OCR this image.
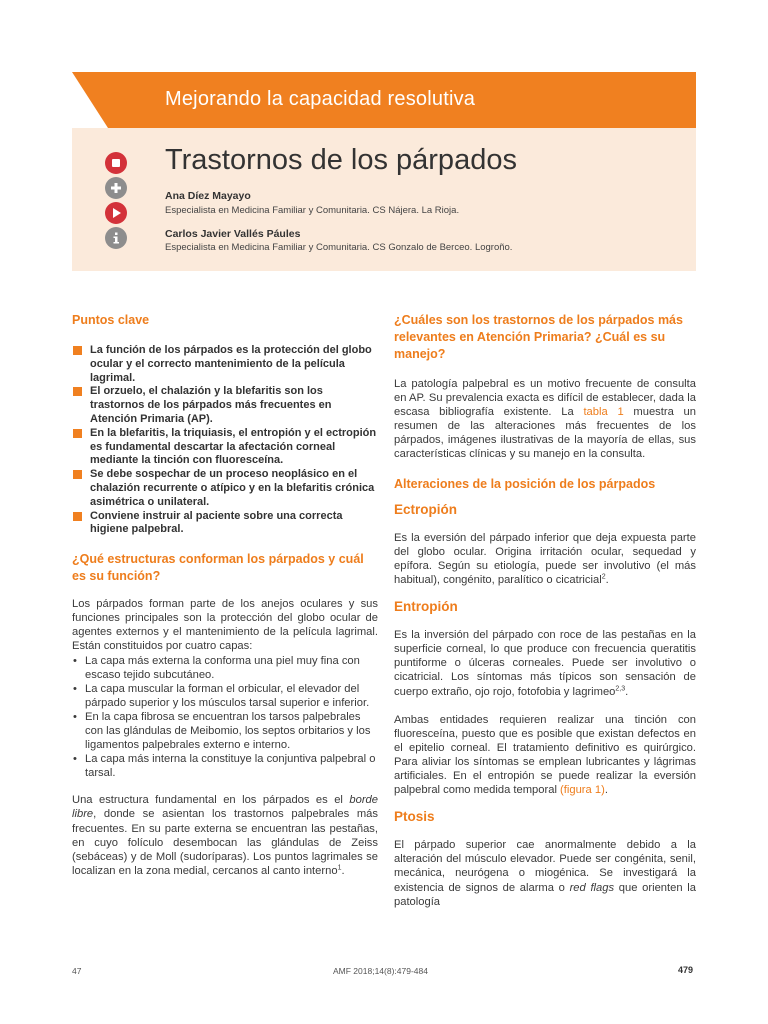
Mejorando la capacidad resolutiva
Trastornos de los párpados
Ana Díez Mayayo
Especialista en Medicina Familiar y Comunitaria. CS Nájera. La Rioja.
Carlos Javier Vallés Páules
Especialista en Medicina Familiar y Comunitaria. CS Gonzalo de Berceo. Logroño.
Puntos clave
La función de los párpados es la protección del globo ocular y el correcto mantenimiento de la película lagrimal.
El orzuelo, el chalazión y la blefaritis son los trastornos de los párpados más frecuentes en Atención Primaria (AP).
En la blefaritis, la triquiasis, el entropión y el ectropión es fundamental descartar la afectación corneal mediante la tinción con fluoresceína.
Se debe sospechar de un proceso neoplásico en el chalazión recurrente o atípico y en la blefaritis crónica asimétrica o unilateral.
Conviene instruir al paciente sobre una correcta higiene palpebral.
¿Qué estructuras conforman los párpados y cuál es su función?

Los párpados forman parte de los anejos oculares y sus funciones principales son la protección del globo ocular de agentes externos y el mantenimiento de la película lagrimal. Están constituidos por cuatro capas:

• La capa más externa la conforma una piel muy fina con escaso tejido subcutáneo.
• La capa muscular la forman el orbicular, el elevador del párpado superior y los músculos tarsal superior e inferior.
• En la capa fibrosa se encuentran los tarsos palpebrales con las glándulas de Meibomio, los septos orbitarios y los ligamentos palpebrales externo e interno.
• La capa más interna la constituye la conjuntiva palpebral o tarsal.

Una estructura fundamental en los párpados es el borde libre, donde se asientan los trastornos palpebrales más frecuentes. En su parte externa se encuentran las pestañas, en cuyo folículo desembocan las glándulas de Zeiss (sebáceas) y de Moll (sudoríparas). Los puntos lagrimales se localizan en la zona medial, cercanos al canto interno$^1$.

¿Cuáles son los trastornos de los párpados más relevantes en Atención Primaria? ¿Cuál es su manejo?

La patología palpebral es un motivo frecuente de consulta en AP. Su prevalencia exacta es difícil de establecer, dada la escasa bibliografía existente. La tabla 1 muestra un resumen de las alteraciones más frecuentes de los párpados, imágenes ilustrativas de la mayoría de ellas, sus características clínicas y su manejo en la consulta.

Alteraciones de la posición de los párpados
Ectropión

Es la eversión del párpado inferior que deja expuesta parte del globo ocular. Origina irritación ocular, sequedad y epífora. Según su etiología, puede ser involutivo (el más habitual), congénito, paralítico o cicatricial$^2$.

Entropión

Es la inversión del párpado con roce de las pestañas en la superficie corneal, lo que produce con frecuencia queratitis puntiforme o úlceras corneales. Puede ser involutivo o cicatricial. Los síntomas más típicos son sensación de cuerpo extraño, ojo rojo, fotofobia y lagrimeo$^{2,3}$.

Ambas entidades requieren realizar una tinción con fluoresceína, puesto que es posible que existan defectos en el epitelio corneal. El tratamiento definitivo es quirúrgico. Para aliviar los síntomas se emplean lubricantes y lágrimas artificiales. En el entropión se puede realizar la eversión palpebral como medida temporal (figura 1).

Ptosis

El párpado superior cae anormalmente debido a la alteración del músculo elevador. Puede ser congénita, senil, mecánica, neurógena o miogénica. Se investigará la existencia de signos de alarma o red flags que orienten la patología

47	AMF 2018;14(8):479-484	479
